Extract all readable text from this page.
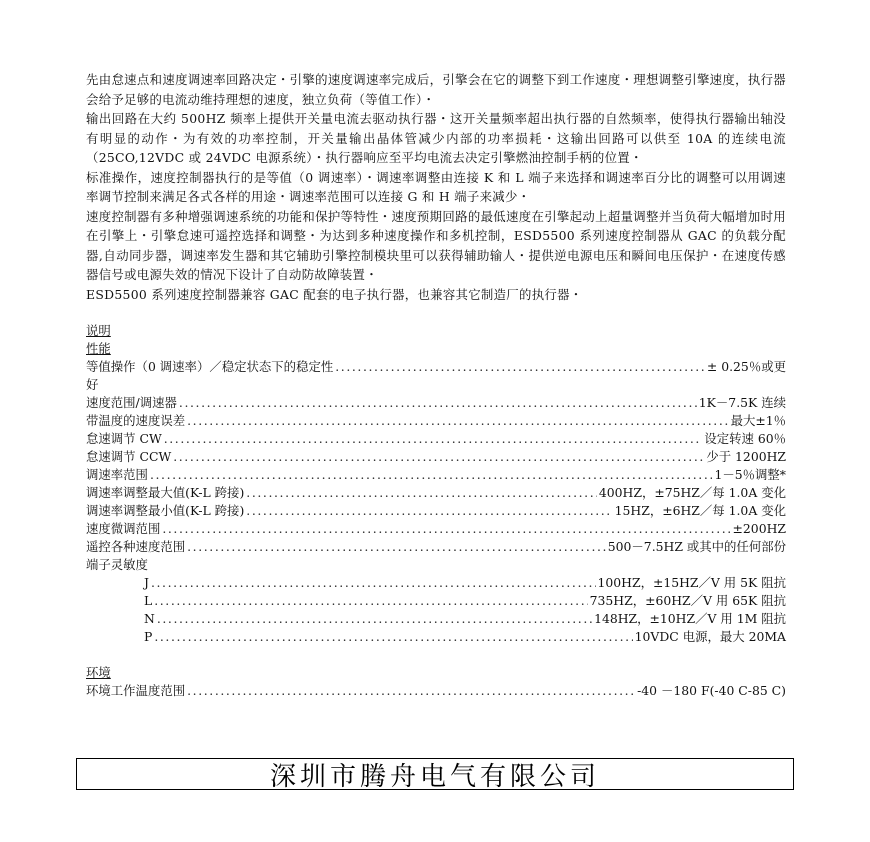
先由怠速点和速度调速率回路决定・引擎的速度调速率完成后，引擎会在它的调整下到工作速度・理想调整引擎速度，执行器会给予足够的电流动维持理想的速度，独立负荷（等值工作）・

输出回路在大约 500HZ 频率上提供开关量电流去驱动执行器・这开关量频率超出执行器的自然频率，使得执行器输出轴没有明显的动作・为有效的功率控制，开关量输出晶体管减少内部的功率损耗・这输出回路可以供至 10A 的连续电流（25CO,12VDC 或 24VDC 电源系统）・执行器响应至平均电流去决定引擎燃油控制手柄的位置・

标准操作，速度控制器执行的是等值（0 调速率）・调速率调整由连接 K 和 L 端子来选择和调速率百分比的调整可以用调速率调节控制来满足各式各样的用途・调速率范围可以连接 G 和 H 端子来减少・

速度控制器有多种增强调速系统的功能和保护等特性・速度预期回路的最低速度在引擎起动上超量调整并当负荷大幅增加时用在引擎上・引擎怠速可遥控选择和调整・为达到多种速度操作和多机控制，ESD5500 系列速度控制器从 GAC 的负载分配器,自动同步器，调速率发生器和其它辅助引擎控制模块里可以获得辅助输人・提供逆电源电压和瞬间电压保护・在速度传感器信号或电源失效的情况下设计了自动防故障装置・

ESD5500 系列速度控制器兼容 GAC 配套的电子执行器，也兼容其它制造厂的执行器・

说明

性能

等值操作（0 调速率）／稳定状态下的稳定性 .....	± 0.25％或更

好

速度范围/调速器 .....	1K－7.5K 连续
带温度的速度误差 .....	最大±1％
怠速调节 CW .....	设定转速 60％
怠速调节 CCW .....	少于 1200HZ
调速率范围 .....	1－5％调整*
调速率调整最大值(K-L 跨接) .....	400HZ，±75HZ／每 1.0A 变化
调速率调整最小值(K-L 跨接) .....	15HZ，±6HZ／每 1.0A 变化
速度微调范围 .....	±200HZ
遥控各种速度范围 .....	500－7.5HZ 或其中的任何部份

端子灵敏度

J .....	100HZ，±15HZ／V 用 5K 阻抗
L .....	735HZ，±60HZ／V 用 65K 阻抗
N .....	148HZ，±10HZ／V 用 1M 阻抗
P .....	10VDC 电源，最大 20MA

环境

环境工作温度范围 .....	-40 －180 F(-40 C-85 C)
深圳市腾舟电气有限公司
